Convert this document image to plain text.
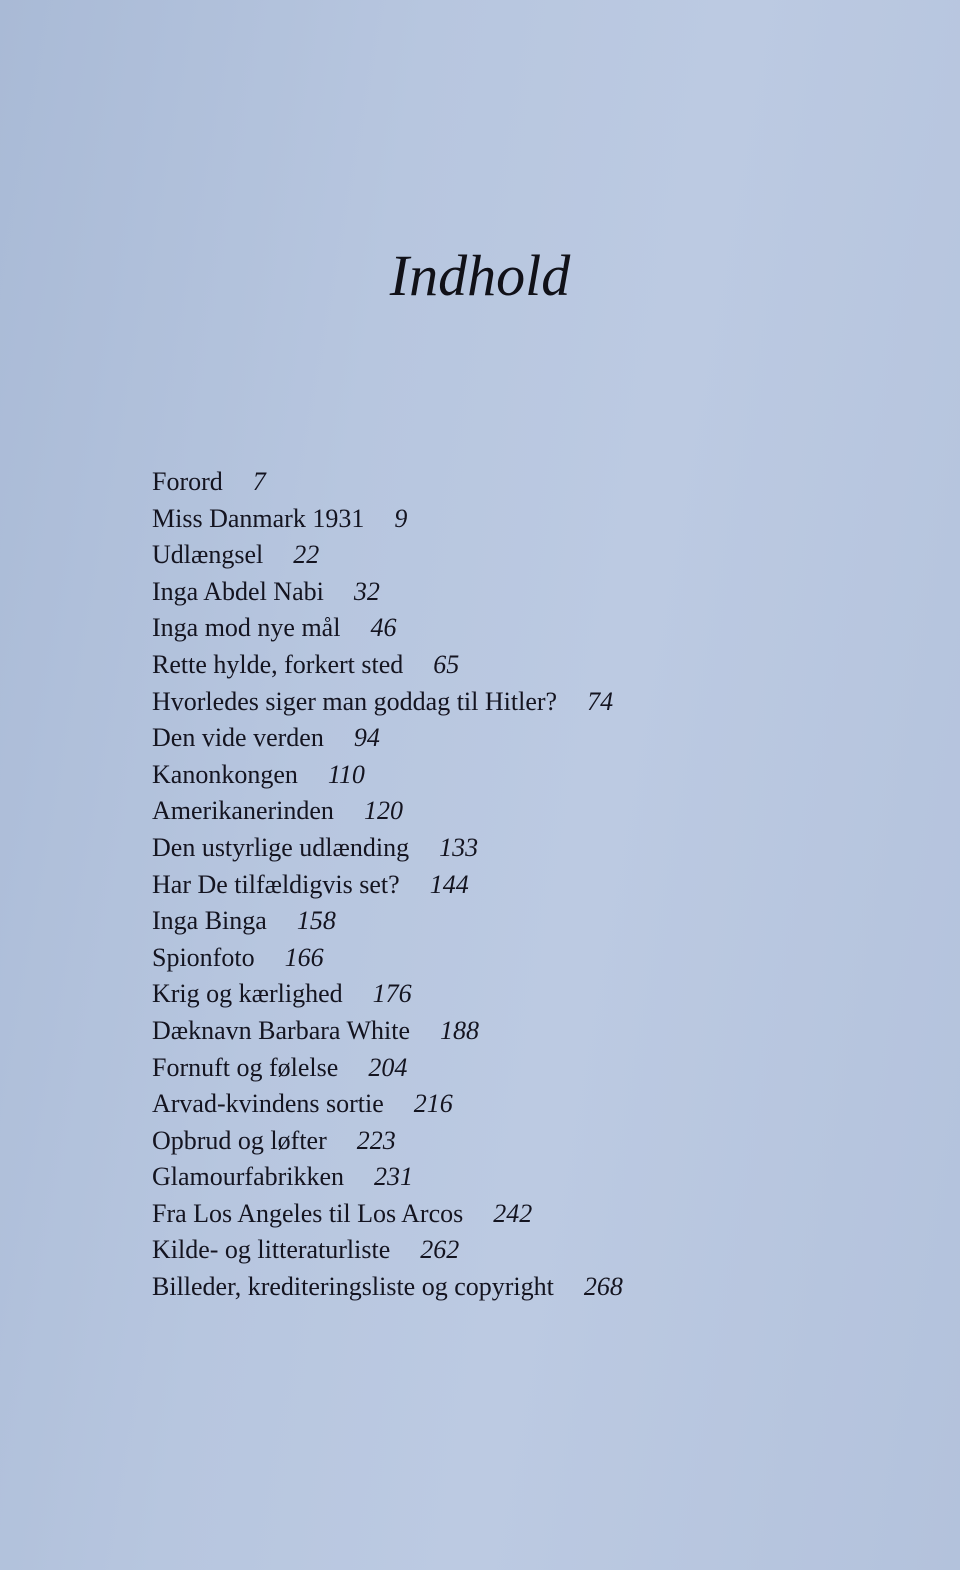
Indhold
Forord 7
Miss Danmark 1931 9
Udlængsel 22
Inga Abdel Nabi 32
Inga mod nye mål 46
Rette hylde, forkert sted 65
Hvorledes siger man goddag til Hitler? 74
Den vide verden 94
Kanonkongen 110
Amerikanerinden 120
Den ustyrlige udlænding 133
Har De tilfældigvis set? 144
Inga Binga 158
Spionfoto 166
Krig og kærlighed 176
Dæknavn Barbara White 188
Fornuft og følelse 204
Arvad-kvindens sortie 216
Opbrud og løfter 223
Glamourfabrikken 231
Fra Los Angeles til Los Arcos 242
Kilde- og litteraturliste 262
Billeder, krediteringsliste og copyright 268
